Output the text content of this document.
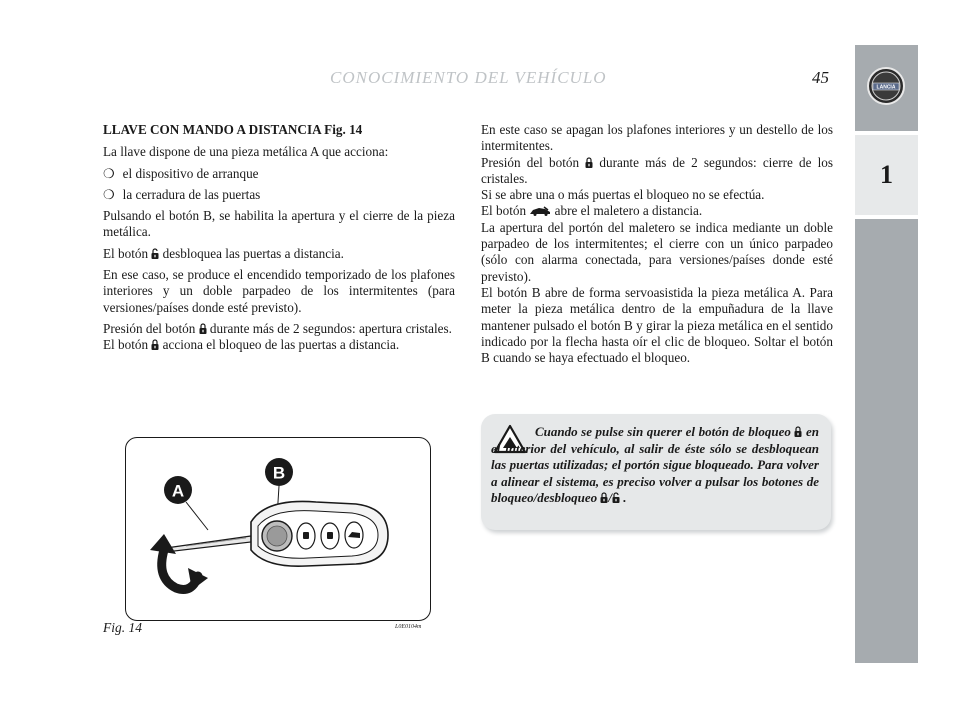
CONOCIMIENTO DEL VEHÍCULO	45
LANCIA
1

LLAVE CON MANDO A DISTANCIA Fig. 14

La llave dispone de una pieza metálica A que acciona:

❍ el dispositivo de arranque
❍ la cerradura de las puertas

Pulsando el botón B, se habilita la apertura y el cierre de la pieza metálica.

El botón desbloquea las puertas a distancia.

En ese caso, se produce el encendido temporizado de los plafones interiores y un doble parpadeo de los intermitentes (para versiones/países donde esté previsto).

Presión del botón durante más de 2 segundos: apertura cristales.

El botón acciona el bloqueo de las puertas a distancia.

En este caso se apagan los plafones interiores y un destello de los intermitentes.

Presión del botón durante más de 2 segundos: cierre de los cristales.

Si se abre una o más puertas el bloqueo no se efectúa.

El botón abre el maletero a distancia.

La apertura del portón del maletero se indica mediante un doble parpadeo de los intermitentes; el cierre con un único parpadeo (sólo con alarma conectada, para versiones/países donde esté previsto).

El botón B abre de forma servoasistida la pieza metálica A. Para meter la pieza metálica dentro de la empuñadura de la llave mantener pulsado el botón B y girar la pieza metálica en el sentido indicado por la flecha hasta oír el clic de bloqueo. Soltar el botón B cuando se haya efectuado el bloqueo.

Cuando se pulse sin querer el botón de bloqueo en el interior del vehículo, al salir de éste sólo se desbloquean las puertas utilizadas; el portón sigue bloqueado. Para volver a alinear el sistema, es preciso volver a pulsar los botones de bloqueo/desbloqueo / .
B
A
Fig. 14	L0E0104m
